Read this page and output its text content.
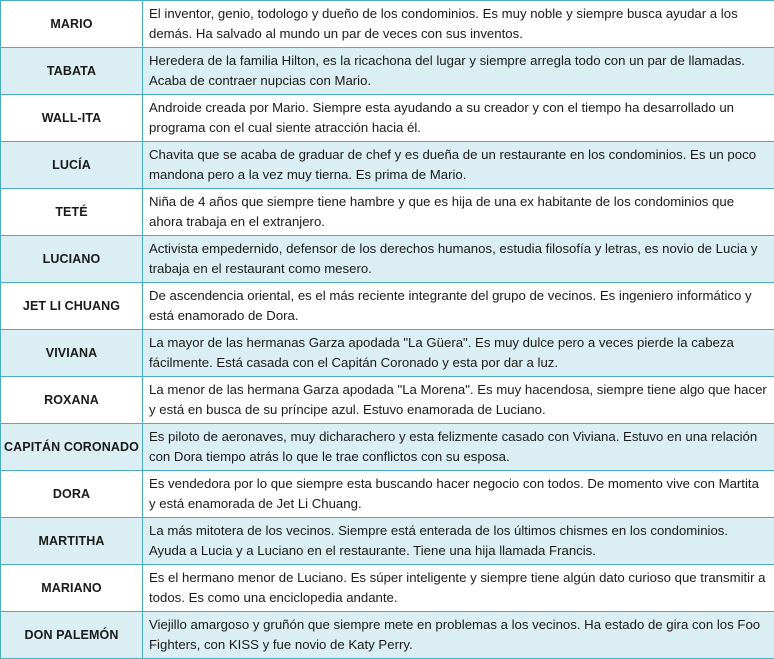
MARIO	El inventor, genio, todologo y dueño de los condominios. Es muy noble y siempre busca ayudar a los demás. Ha salvado al mundo un par de veces con sus inventos.
TABATA	Heredera de la familia Hilton, es la ricachona del lugar y siempre arregla todo con un par de llamadas. Acaba de contraer nupcias con Mario.
WALL-ITA	Androide creada por Mario. Siempre esta ayudando a su creador y con el tiempo ha desarrollado un programa con el cual siente atracción hacia él.
LUCÍA	Chavita que se acaba de graduar de chef y es dueña de un restaurante en los condominios. Es un poco mandona pero a la vez muy tierna. Es prima de Mario.
TETÉ	Niña de 4 años que siempre tiene hambre y que es hija de una ex habitante de los condominios que ahora trabaja en el extranjero.
LUCIANO	Activista empedernido, defensor de los derechos humanos, estudia filosofía y letras, es novio de Lucia y trabaja en el restaurant como mesero.
JET LI CHUANG	De ascendencia oriental, es el más reciente integrante del grupo de vecinos. Es ingeniero informático y está enamorado de Dora.
VIVIANA	La mayor de las hermanas Garza apodada "La Güera". Es muy dulce pero a veces pierde la cabeza fácilmente. Está casada con el Capitán Coronado y esta por dar a luz.
ROXANA	La menor de las hermana Garza apodada "La Morena". Es muy hacendosa, siempre tiene algo que hacer y está en busca de su príncipe azul. Estuvo enamorada de Luciano.
CAPITÁN CORONADO	Es piloto de aeronaves, muy dicharachero y esta felizmente casado con Viviana. Estuvo en una relación con Dora tiempo atrás lo que le trae conflictos con su esposa.
DORA	Es vendedora por lo que siempre esta buscando hacer negocio con todos. De momento vive con Martita y está enamorada de Jet Li Chuang.
MARTITHA	La más mitotera de los vecinos. Siempre está enterada de los últimos chismes en los condominios. Ayuda a Lucia y a Luciano en el restaurante. Tiene una hija llamada Francis.
MARIANO	Es el hermano menor de Luciano. Es súper inteligente y siempre tiene algún dato curioso que transmitir a todos. Es como una enciclopedia andante.
DON PALEMÓN	Viejillo amargoso y gruñón que siempre mete en problemas a los vecinos. Ha estado de gira con los Foo Fighters, con KISS y fue novio de Katy Perry.
